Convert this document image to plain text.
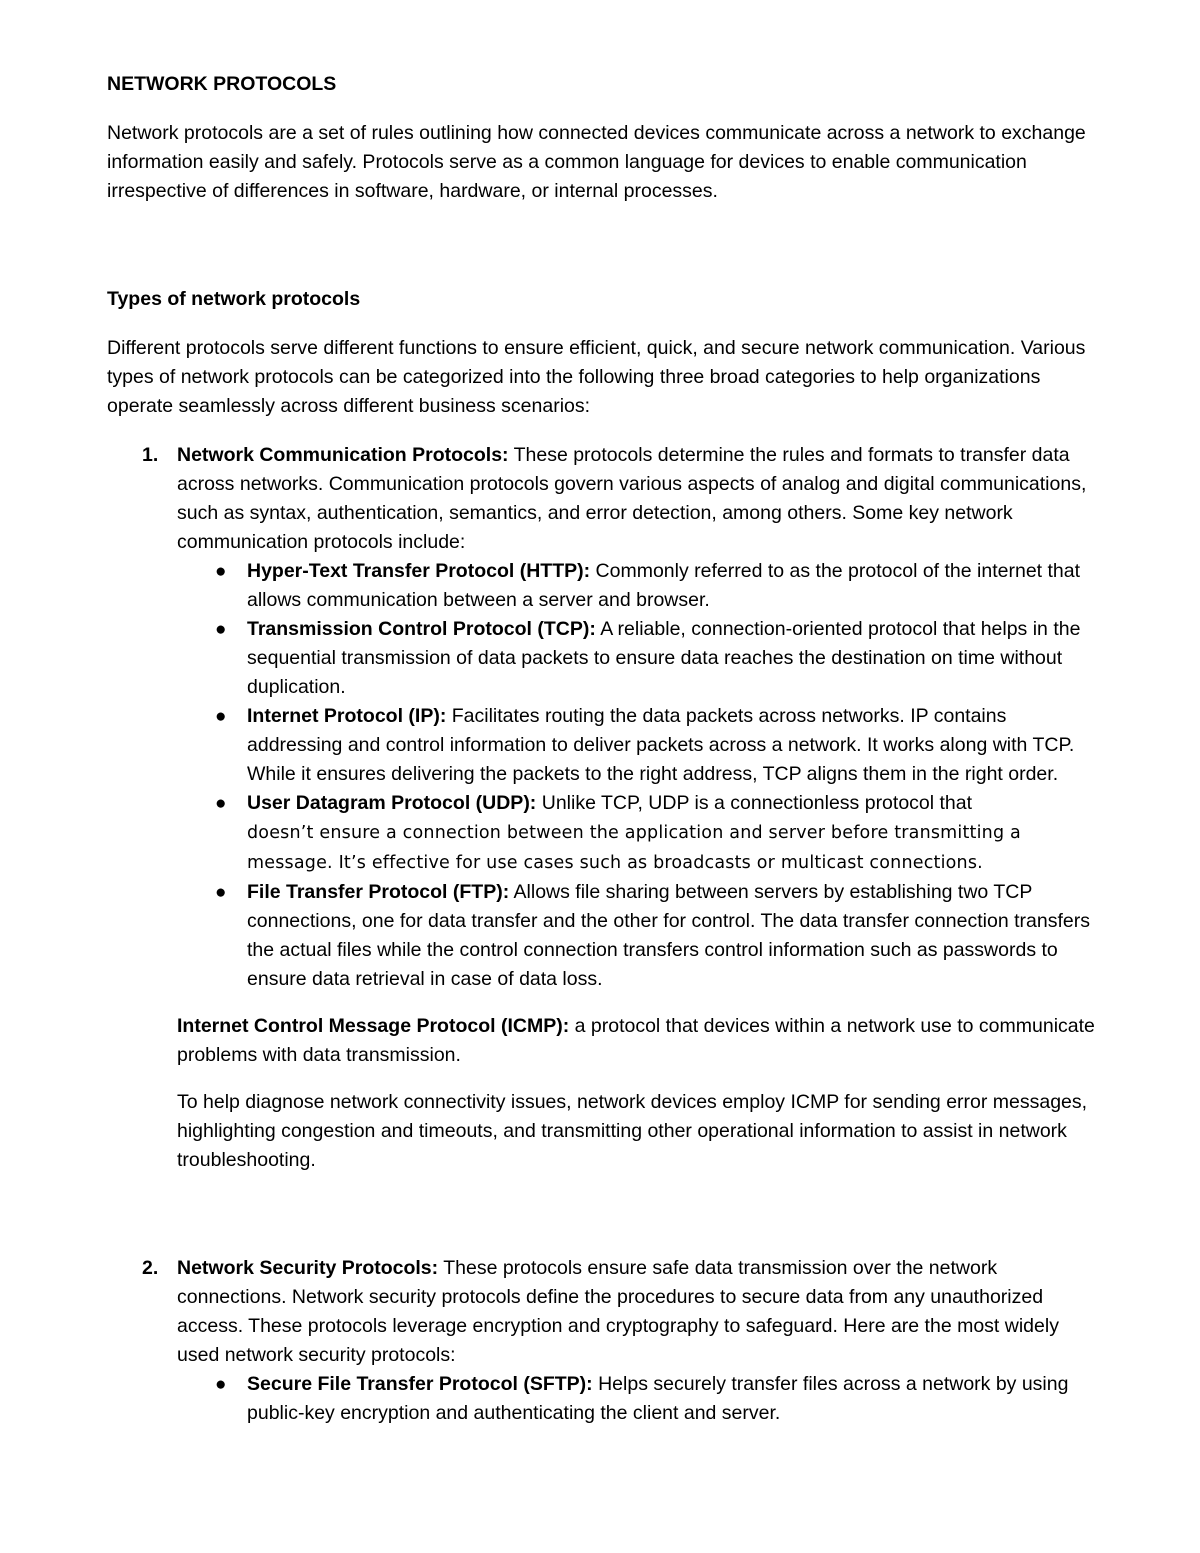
NETWORK PROTOCOLS

Network protocols are a set of rules outlining how connected devices communicate across a network to exchange information easily and safely. Protocols serve as a common language for devices to enable communication irrespective of differences in software, hardware, or internal processes.

Types of network protocols

Different protocols serve different functions to ensure efficient, quick, and secure network communication. Various types of network protocols can be categorized into the following three broad categories to help organizations operate seamlessly across different business scenarios:

1. Network Communication Protocols: These protocols determine the rules and formats to transfer data across networks. Communication protocols govern various aspects of analog and digital communications, such as syntax, authentication, semantics, and error detection, among others. Some key network communication protocols include:

● Hyper-Text Transfer Protocol (HTTP): Commonly referred to as the protocol of the internet that allows communication between a server and browser.
● Transmission Control Protocol (TCP): A reliable, connection-oriented protocol that helps in the sequential transmission of data packets to ensure data reaches the destination on time without duplication.
● Internet Protocol (IP): Facilitates routing the data packets across networks. IP contains addressing and control information to deliver packets across a network. It works along with TCP. While it ensures delivering the packets to the right address, TCP aligns them in the right order.
● User Datagram Protocol (UDP): Unlike TCP, UDP is a connectionless protocol that
doesn’t ensure a connection between the application and server before transmitting a message. It’s effective for use cases such as broadcasts or multicast connections.
● File Transfer Protocol (FTP): Allows file sharing between servers by establishing two TCP connections, one for data transfer and the other for control. The data transfer connection transfers the actual files while the control connection transfers control information such as passwords to ensure data retrieval in case of data loss.

Internet Control Message Protocol (ICMP): a protocol that devices within a network use to communicate problems with data transmission.

To help diagnose network connectivity issues, network devices employ ICMP for sending error messages, highlighting congestion and timeouts, and transmitting other operational information to assist in network troubleshooting.

2. Network Security Protocols: These protocols ensure safe data transmission over the network connections. Network security protocols define the procedures to secure data from any unauthorized access. These protocols leverage encryption and cryptography to safeguard. Here are the most widely used network security protocols:

● Secure File Transfer Protocol (SFTP): Helps securely transfer files across a network by using public-key encryption and authenticating the client and server.
